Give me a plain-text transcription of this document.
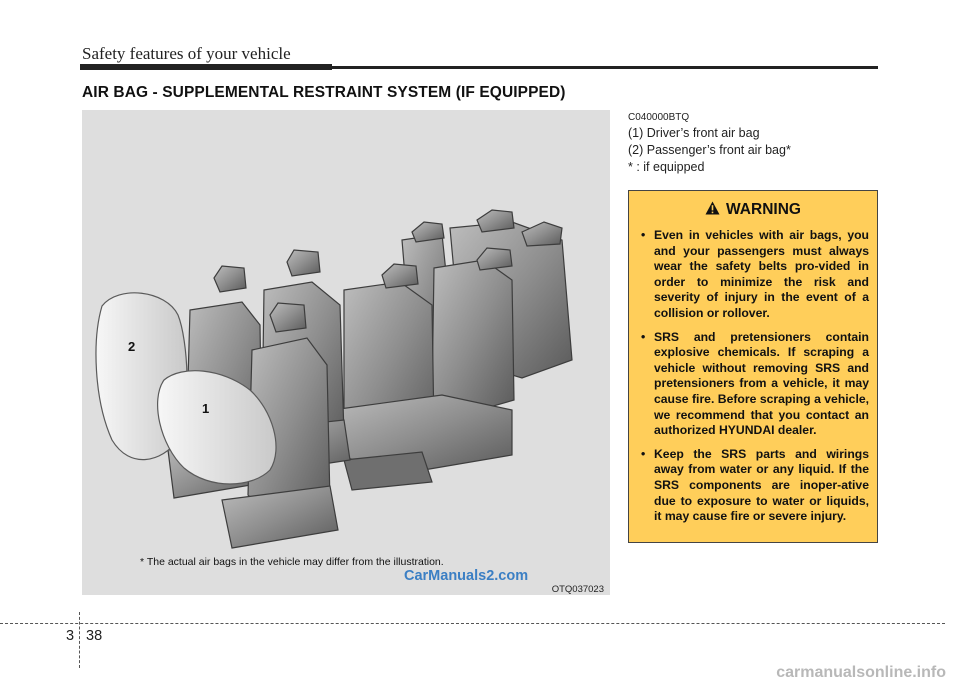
Safety features of your vehicle
AIR BAG - SUPPLEMENTAL RESTRAINT SYSTEM (IF EQUIPPED)
2
1
* The actual air bags in the vehicle may differ from the illustration.
CarManuals2.com
OTQ037023
C040000BTQ
(1) Driver’s front air bag
(2) Passenger’s front air bag*
* : if equipped
WARNING
• Even in vehicles with air bags, you and your passengers must always wear the safety belts pro-vided in order to minimize the risk and severity of injury in the event of a collision or rollover.
• SRS and pretensioners contain explosive chemicals. If scraping a vehicle without removing SRS and pretensioners from a vehicle, it may cause fire. Before scraping a vehicle, we recommend that you contact an authorized HYUNDAI dealer.
• Keep the SRS parts and wirings away from water or any liquid. If the SRS components are inoper-ative due to exposure to water or liquids, it may cause fire or severe injury.
3 38
carmanualsonline.info
